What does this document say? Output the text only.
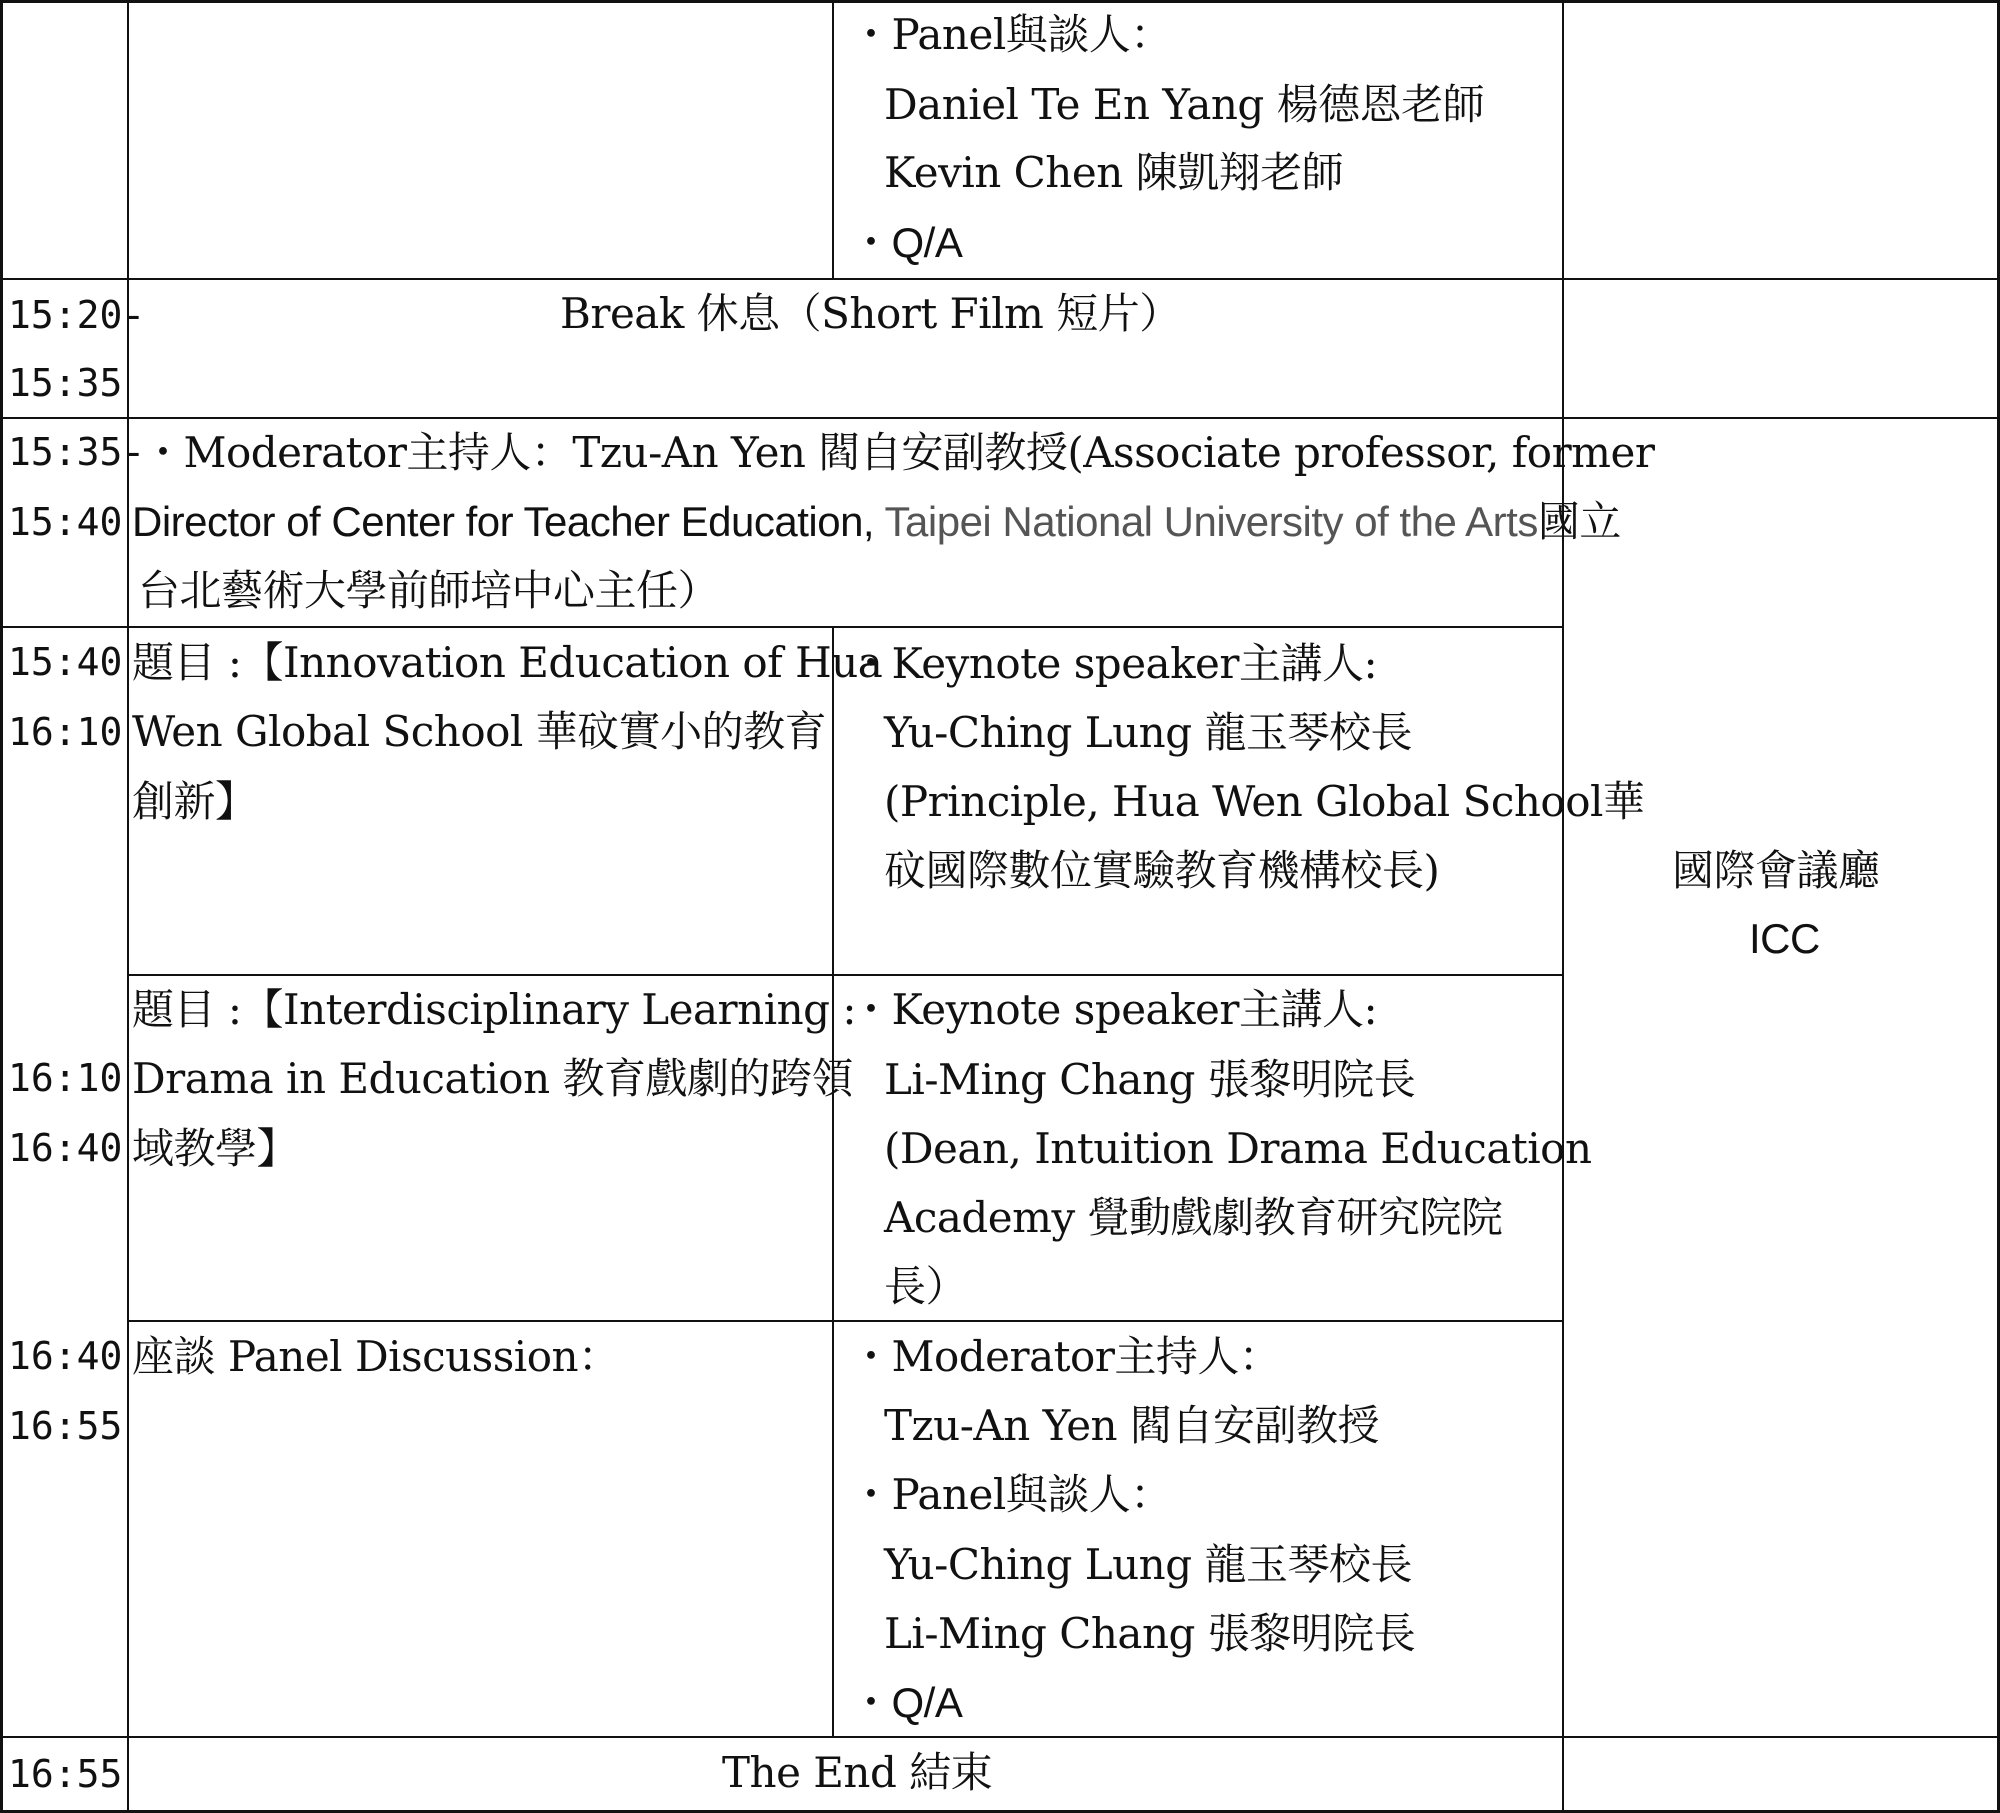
・Panel與談人：
Daniel Te En Yang 楊德恩老師
Kevin Chen 陳凱翔老師
・Q/A
15:20-
15:35
Break 休息（Short Film 短片）
15:35-
15:40
・Moderator主持人：Tzu-An Yen 閻自安副教授(Associate professor, former
Director of Center for Teacher Education, Taipei National University of the Arts國立
台北藝術大學前師培中心主任）
15:40
16:10
題目 :【Innovation Education of Hua
Wen Global School 華砇實小的教育
創新】
・Keynote speaker主講人:
Yu-Ching Lung 龍玉琴校長
(Principle, Hua Wen Global School華
砇國際數位實驗教育機構校長)
16:10
16:40
題目 :【Interdisciplinary Learning :
Drama in Education 教育戲劇的跨領
域教學】
・Keynote speaker主講人:
Li-Ming Chang 張黎明院長
(Dean, Intuition Drama Education
Academy 覺動戲劇教育研究院院
長）
16:40
16:55
座談 Panel Discussion：	・Moderator主持人：
Tzu-An Yen 閻自安副教授
・Panel與談人：
Yu-Ching Lung 龍玉琴校長
Li-Ming Chang 張黎明院長
・Q/A
國際會議廳
ICC
16:55	The End 結束
